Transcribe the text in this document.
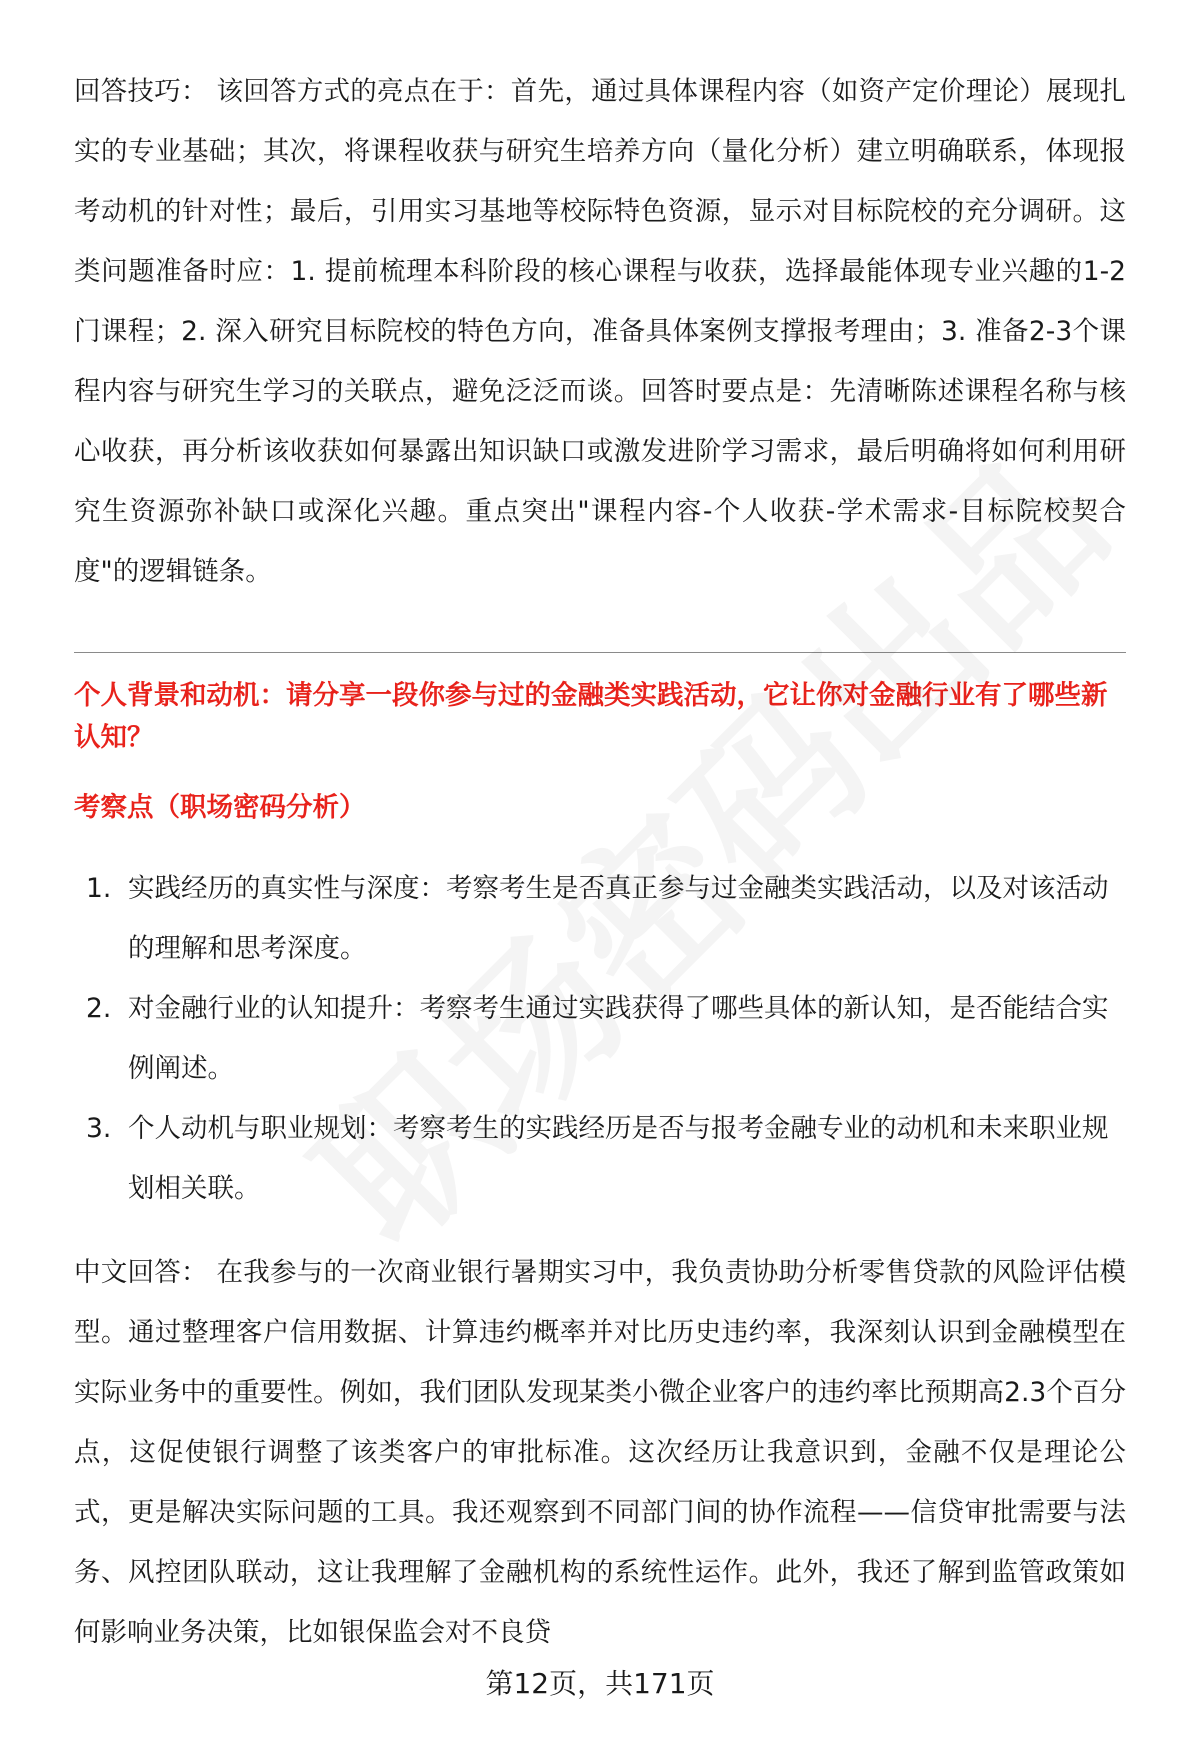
回答技巧： 该回答方式的亮点在于：首先，通过具体课程内容（如资产定价理论）展现扎实的专业基础；其次，将课程收获与研究生培养方向（量化分析）建立明确联系，体现报考动机的针对性；最后，引用实习基地等校际特色资源，显示对目标院校的充分调研。这类问题准备时应：1. 提前梳理本科阶段的核心课程与收获，选择最能体现专业兴趣的1-2门课程；2. 深入研究目标院校的特色方向，准备具体案例支撑报考理由；3. 准备2-3个课程内容与研究生学习的关联点，避免泛泛而谈。回答时要点是：先清晰陈述课程名称与核心收获，再分析该收获如何暴露出知识缺口或激发进阶学习需求，最后明确将如何利用研究生资源弥补缺口或深化兴趣。重点突出"课程内容-个人收获-学术需求-目标院校契合度"的逻辑链条。

个人背景和动机：请分享一段你参与过的金融类实践活动，它让你对金融行业有了哪些新认知？
考察点（职场密码分析）
1. 实践经历的真实性与深度：考察考生是否真正参与过金融类实践活动，以及对该活动的理解和思考深度。
2. 对金融行业的认知提升：考察考生通过实践获得了哪些具体的新认知，是否能结合实例阐述。
3. 个人动机与职业规划：考察考生的实践经历是否与报考金融专业的动机和未来职业规划相关联。

中文回答： 在我参与的一次商业银行暑期实习中，我负责协助分析零售贷款的风险评估模型。通过整理客户信用数据、计算违约概率并对比历史违约率，我深刻认识到金融模型在实际业务中的重要性。例如，我们团队发现某类小微企业客户的违约率比预期高2.3个百分点，这促使银行调整了该类客户的审批标准。这次经历让我意识到，金融不仅是理论公式，更是解决实际问题的工具。我还观察到不同部门间的协作流程——信贷审批需要与法务、风控团队联动，这让我理解了金融机构的系统性运作。此外，我还了解到监管政策如何影响业务决策，比如银保监会对不良贷

第12页，共171页
